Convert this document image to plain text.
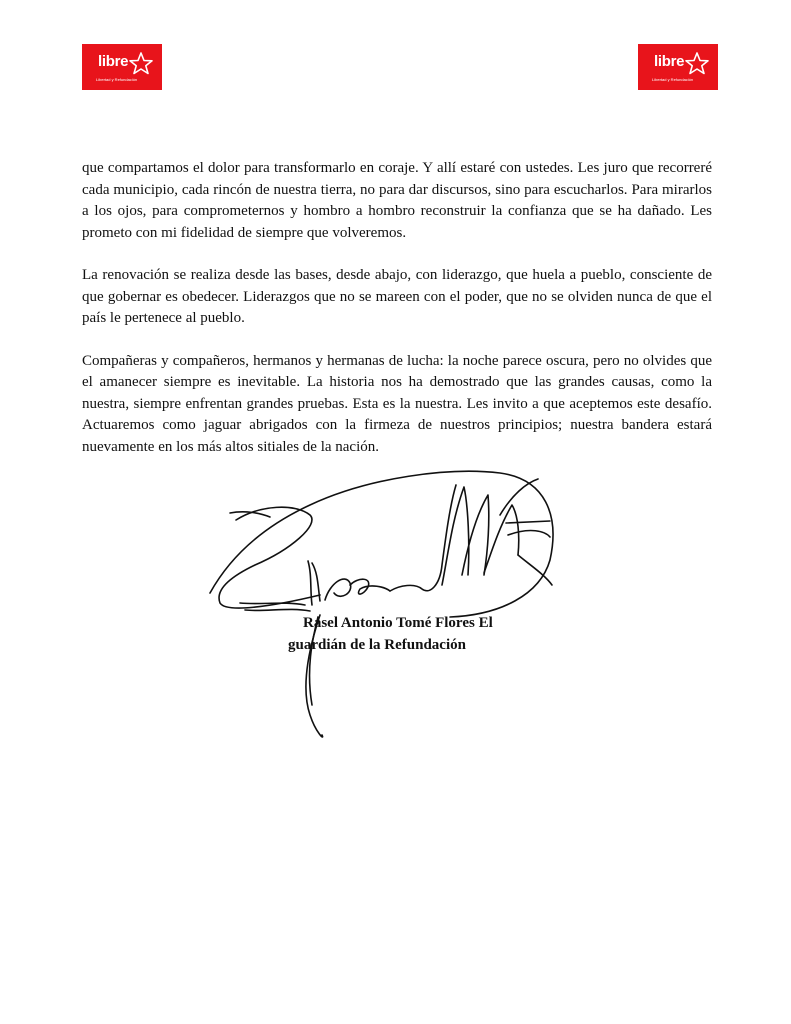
libre
Libertad y Refundación
libre
Libertad y Refundación

que compartamos el dolor para transformarlo en coraje. Y allí estaré con ustedes. Les juro que recorreré cada municipio, cada rincón de nuestra tierra, no para dar discursos, sino para escucharlos. Para mirarlos a los ojos, para comprometernos y hombro a hombro reconstruir la confianza que se ha dañado. Les prometo con mi fidelidad de siempre que volveremos.

La renovación se realiza desde las bases, desde abajo, con liderazgo, que huela a pueblo, consciente de que gobernar es obedecer. Liderazgos que no se mareen con el poder, que no se olviden nunca de que el país le pertenece al pueblo.

Compañeras y compañeros, hermanos y hermanas de lucha: la noche parece oscura, pero no olvides que el amanecer siempre es inevitable. La historia nos ha demostrado que las grandes causas, como la nuestra, siempre enfrentan grandes pruebas. Esta es la nuestra. Les invito a que aceptemos este desafío. Actuaremos como jaguar abrigados con la firmeza de nuestros principios; nuestra bandera estará nuevamente en los más altos sitiales de la nación.

Rasel Antonio Tomé Flores El
guardián de la Refundación
